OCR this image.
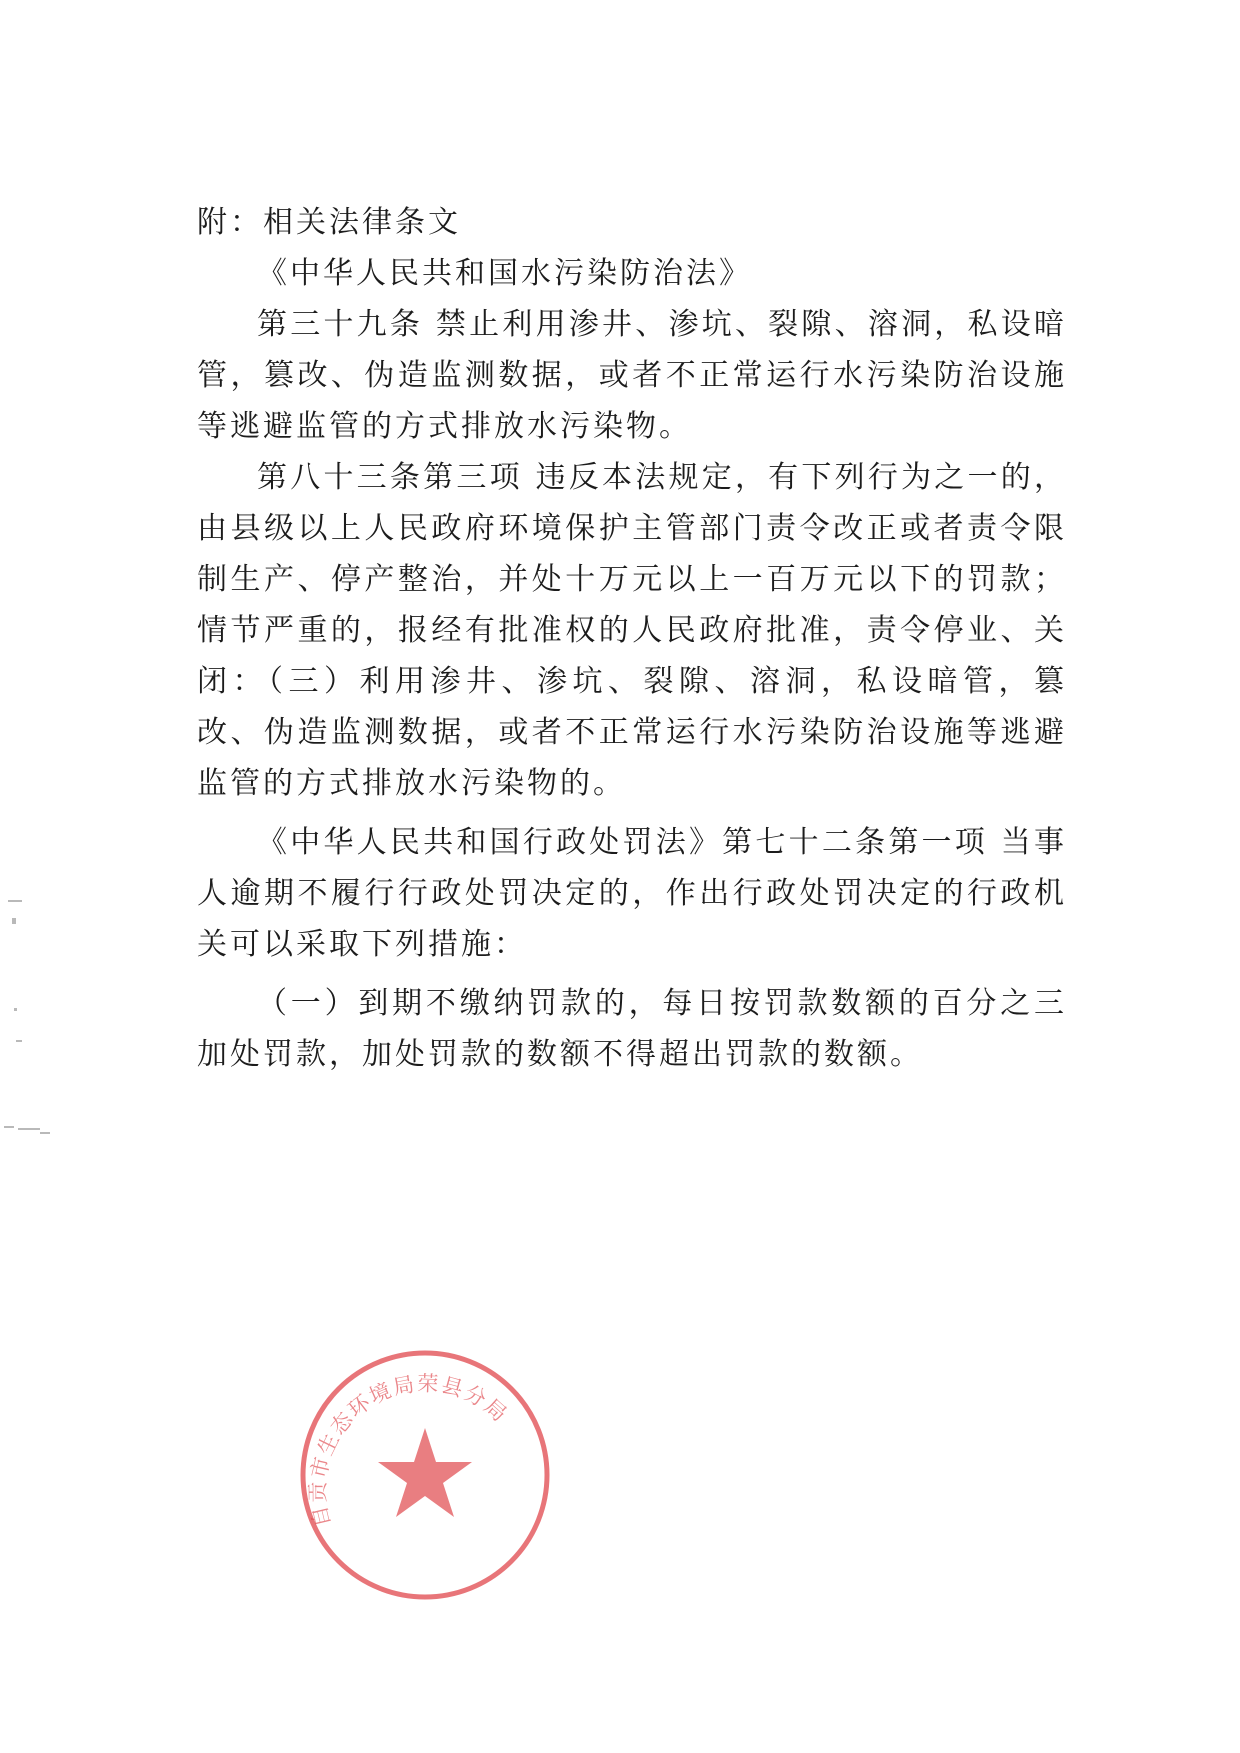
附：相关法律条文

《中华人民共和国水污染防治法》

第三十九条 禁止利用渗井、渗坑、裂隙、溶洞，私设暗管，篡改、伪造监测数据，或者不正常运行水污染防治设施等逃避监管的方式排放水污染物。

第八十三条第三项 违反本法规定，有下列行为之一的，由县级以上人民政府环境保护主管部门责令改正或者责令限制生产、停产整治，并处十万元以上一百万元以下的罚款；情节严重的，报经有批准权的人民政府批准，责令停业、关闭：（三）利用渗井、渗坑、裂隙、溶洞，私设暗管，篡改、伪造监测数据，或者不正常运行水污染防治设施等逃避监管的方式排放水污染物的。

《中华人民共和国行政处罚法》第七十二条第一项 当事人逾期不履行行政处罚决定的，作出行政处罚决定的行政机关可以采取下列措施：

（一）到期不缴纳罚款的，每日按罚款数额的百分之三加处罚款，加处罚款的数额不得超出罚款的数额。

自贡市生态环境局荣县分局
